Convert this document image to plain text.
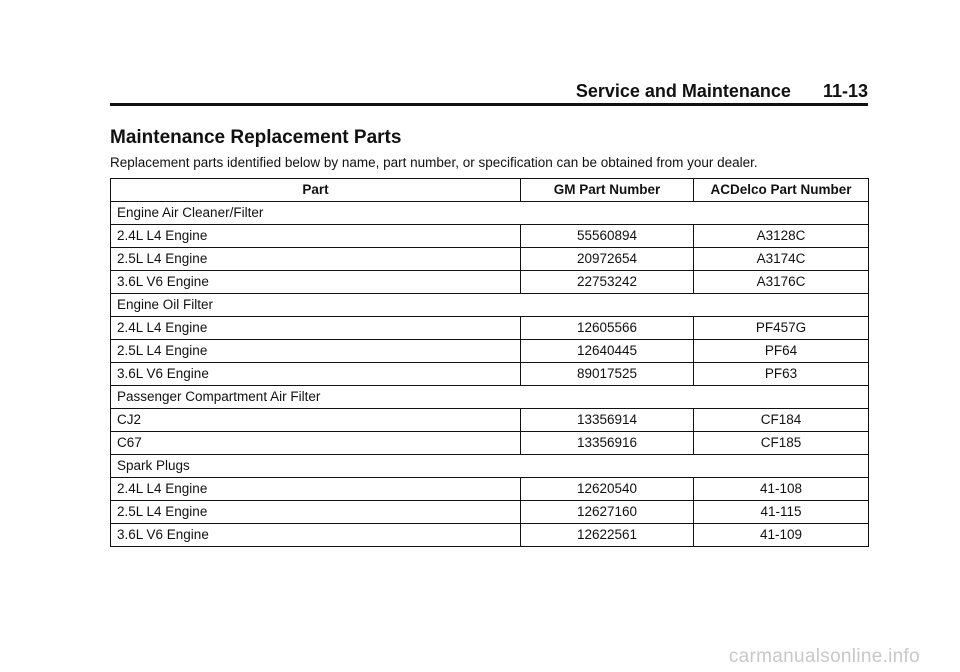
Service and Maintenance 11-13
Maintenance Replacement Parts

Replacement parts identified below by name, part number, or specification can be obtained from your dealer.

Part	GM Part Number	ACDelco Part Number
Engine Air Cleaner/Filter		
2.4L L4 Engine	55560894	A3128C
2.5L L4 Engine	20972654	A3174C
3.6L V6 Engine	22753242	A3176C
Engine Oil Filter		
2.4L L4 Engine	12605566	PF457G
2.5L L4 Engine	12640445	PF64
3.6L V6 Engine	89017525	PF63
Passenger Compartment Air Filter		
CJ2	13356914	CF184
C67	13356916	CF185
Spark Plugs		
2.4L L4 Engine	12620540	41-108
2.5L L4 Engine	12627160	41-115
3.6L V6 Engine	12622561	41-109
carmanualsonline.info
